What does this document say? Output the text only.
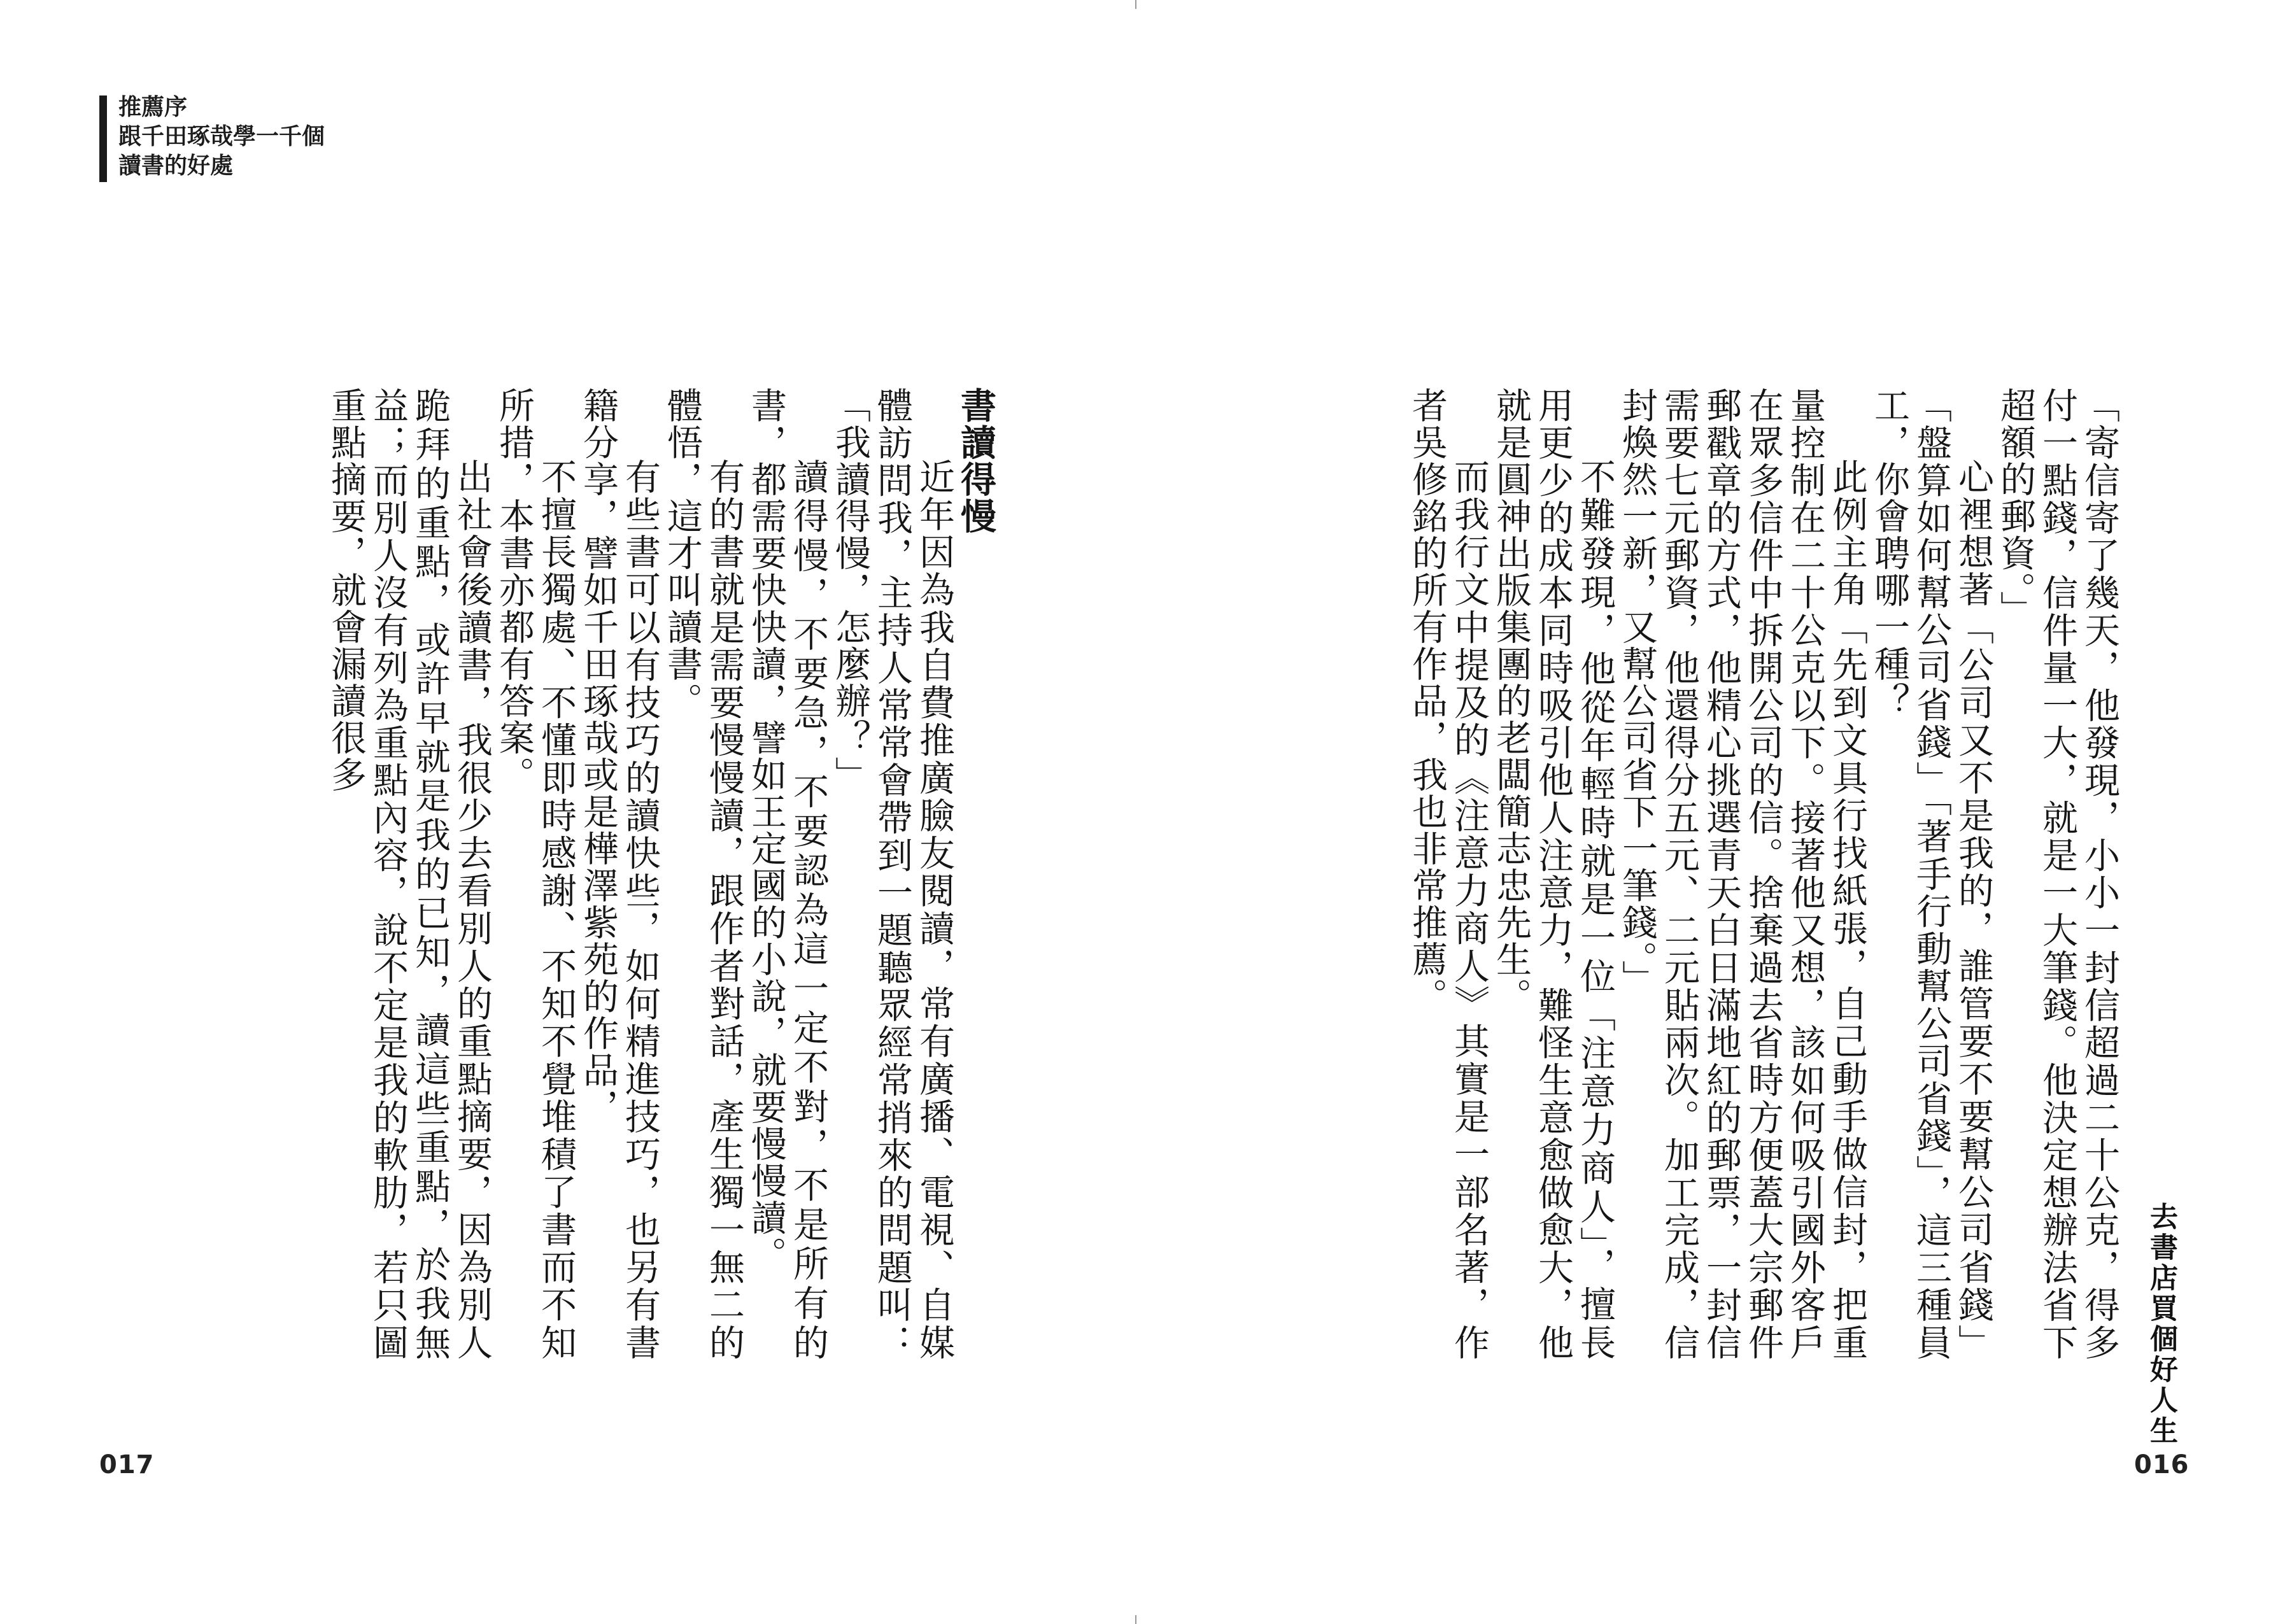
推薦序
跟千田琢哉學一千個
讀書的好處
去書店買個好人生

「寄信寄了幾天，他發現，小小一封信超過二十公克，得多付一點錢，信件量一大，就是一大筆錢。他決定想辦法省下超額的郵資。」

心裡想著「公司又不是我的，誰管要不要幫公司省錢」「盤算如何幫公司省錢」「著手行動幫公司省錢」，這三種員工，你會聘哪一種？

此例主角「先到文具行找紙張，自己動手做信封，把重量控制在二十公克以下。接著他又想，該如何吸引國外客戶在眾多信件中拆開公司的信。捨棄過去省時方便蓋大宗郵件郵戳章的方式，他精心挑選青天白日滿地紅的郵票，一封信需要七元郵資，他還得分五元、二元貼兩次。加工完成，信封煥然一新，又幫公司省下一筆錢。」

不難發現，他從年輕時就是一位「注意力商人」，擅長用更少的成本同時吸引他人注意力，難怪生意愈做愈大，他就是圓神出版集團的老闆簡志忠先生。

而我行文中提及的《注意力商人》其實是一部名著，作者吳修銘的所有作品，我也非常推薦。

書讀得慢

近年因為我自費推廣臉友閱讀，常有廣播、電視、自媒體訪問我，主持人常常會帶到一題聽眾經常捎來的問題叫：「我讀得慢，怎麼辦？」

讀得慢，不要急，不要認為這一定不對，不是所有的書，都需要快快讀，譬如王定國的小說，就要慢慢讀。

有的書就是需要慢慢讀，跟作者對話，產生獨一無二的體悟，這才叫讀書。

有些書可以有技巧的讀快些，如何精進技巧，也另有書籍分享，譬如千田琢哉或是樺澤紫苑的作品，

不擅長獨處、不懂即時感謝、不知不覺堆積了書而不知所措，本書亦都有答案。

出社會後讀書，我很少去看別人的重點摘要，因為別人跪拜的重點，或許早就是我的已知，讀這些重點，於我無益；而別人沒有列為重點內容，說不定是我的軟肋，若只圖重點摘要，就會漏讀很多

017	016
